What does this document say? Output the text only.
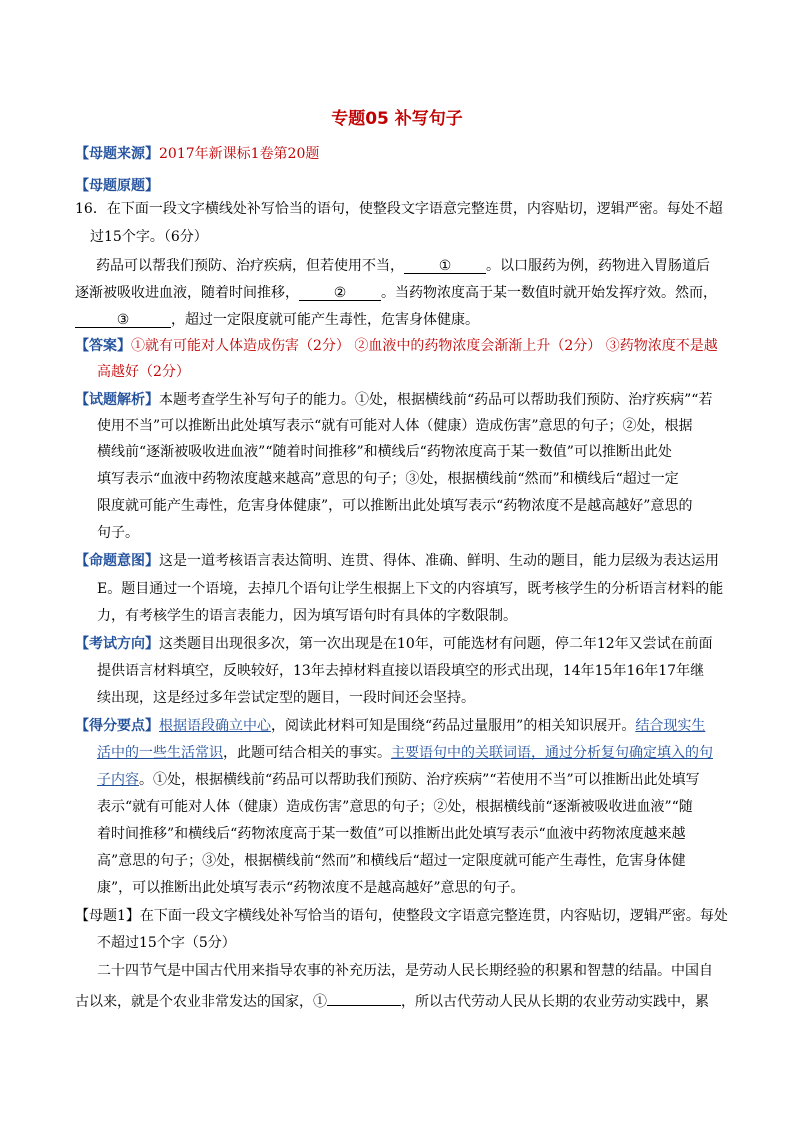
专题05 补写句子
【母题来源】2017年新课标1卷第20题
【母题原题】
16．在下面一段文字横线处补写恰当的语句，使整段文字语意完整连贯，内容贴切，逻辑严密。每处不超
过15个字。（6分）
药品可以帮我们预防、治疗疾病，但若使用不当， ① 。以口服药为例，药物进入胃肠道后
逐渐被吸收进血液，随着时间推移， ② 。当药物浓度高于某一数值时就开始发挥疗效。然而，
③	，超过一定限度就可能产生毒性，危害身体健康。
【答案】①就有可能对人体造成伤害（2分） ②血液中的药物浓度会渐渐上升（2分） ③药物浓度不是越
高越好（2分）
【试题解析】本题考查学生补写句子的能力。①处，根据横线前“药品可以帮助我们预防、治疗疾病”“若
使用不当”可以推断出此处填写表示“就有可能对人体（健康）造成伤害”意思的句子；②处，根据
横线前“逐渐被吸收进血液”“随着时间推移”和横线后“药物浓度高于某一数值”可以推断出此处
填写表示“血液中药物浓度越来越高”意思的句子；③处，根据横线前“然而”和横线后“超过一定
限度就可能产生毒性，危害身体健康”，可以推断出此处填写表示“药物浓度不是越高越好”意思的
句子。
【命题意图】这是一道考核语言表达简明、连贯、得体、准确、鲜明、生动的题目，能力层级为表达运用
E。题目通过一个语境，去掉几个语句让学生根据上下文的内容填写，既考核学生的分析语言材料的能
力，有考核学生的语言表能力，因为填写语句时有具体的字数限制。
【考试方向】这类题目出现很多次，第一次出现是在10年，可能选材有问题，停二年12年又尝试在前面
提供语言材料填空，反映较好，13年去掉材料直接以语段填空的形式出现，14年15年16年17年继
续出现，这是经过多年尝试定型的题目，一段时间还会坚持。
【得分要点】根据语段确立中心，阅读此材料可知是围绕“药品过量服用”的相关知识展开。结合现实生
活中的一些生活常识，此题可结合相关的事实。主要语句中的关联词语，通过分析复句确定填入的句
子内容。①处，根据横线前“药品可以帮助我们预防、治疗疾病”“若使用不当”可以推断出此处填写
表示“就有可能对人体（健康）造成伤害”意思的句子；②处，根据横线前“逐渐被吸收进血液”“随
着时间推移”和横线后“药物浓度高于某一数值”可以推断出此处填写表示“血液中药物浓度越来越
高”意思的句子；③处，根据横线前“然而”和横线后“超过一定限度就可能产生毒性，危害身体健
康”，可以推断出此处填写表示“药物浓度不是越高越好”意思的句子。
【母题1】在下面一段文字横线处补写恰当的语句，使整段文字语意完整连贯，内容贴切，逻辑严密。每处
不超过15个字（5分）
二十四节气是中国古代用来指导农事的补充历法，是劳动人民长期经验的积累和智慧的结晶。中国自
古以来，就是个农业非常发达的国家，①	，所以古代劳动人民从长期的农业劳动实践中，累
